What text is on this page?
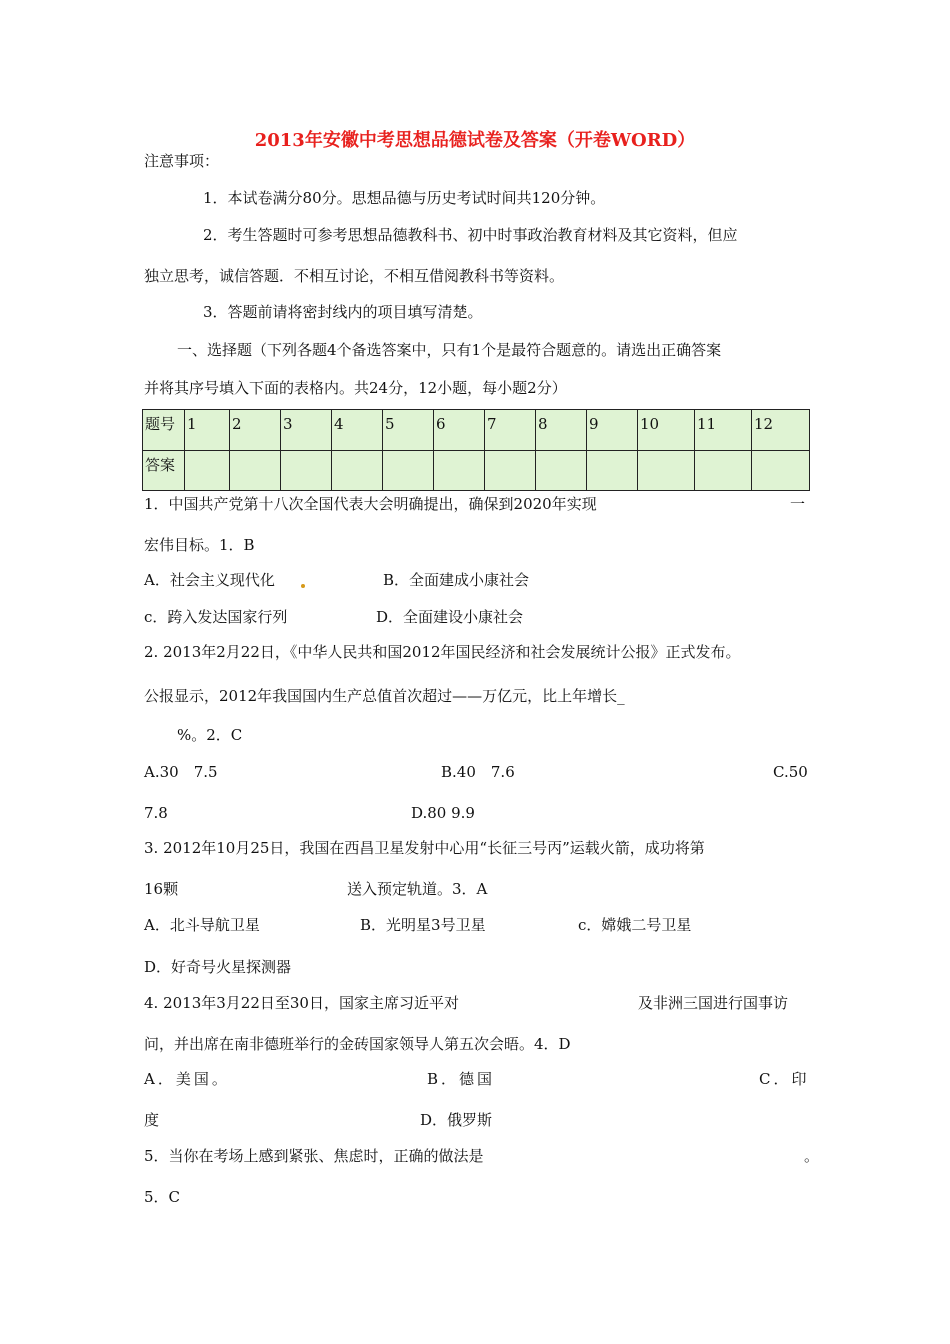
2013年安徽中考思想品德试卷及答案（开卷WORD）
注意事项：
1．本试卷满分80分。思想品德与历史考试时间共120分钟。
2．考生答题时可参考思想品德教科书、初中时事政治教育材料及其它资料，但应
独立思考，诚信答题．不相互讨论，不相互借阅教科书等资料。
3．答题前请将密封线内的项目填写清楚。
一、选择题（下列各题4个备选答案中，只有1个是最符合题意的。请选出正确答案
并将其序号填入下面的表格内。共24分，12小题，每小题2分）
题号	1	2	3	4	5	6	7	8	9	10	11	12
答案												
1．中国共产党第十八次全国代表大会明确提出，确保到2020年实现	一
宏伟目标。1．B
A．社会主义现代化	B．全面建成小康社会
c．跨入发达国家行列	D．全面建设小康社会
2. 2013年2月22日，《中华人民共和国2012年国民经济和社会发展统计公报》正式发布。
公报显示，2012年我国国内生产总值首次超过——万亿元，比上年增长_
%。2．C
A.30　7.5	B.40　7.6	C.50
7.8	D.80 9.9
3. 2012年10月25日，我国在西昌卫星发射中心用“长征三号丙”运载火箭，成功将第
16颗	送入预定轨道。3．A
A．北斗导航卫星	B．光明星3号卫星	c．嫦娥二号卫星
D．好奇号火星探测器
4. 2013年3月22日至30日，国家主席习近平对	及非洲三国进行国事访
问，并出席在南非德班举行的金砖国家领导人第五次会晤。4．D
A．美国。	B．德国	C．印
度	D．俄罗斯
5．当你在考场上感到紧张、焦虑时，正确的做法是	。
5．C
